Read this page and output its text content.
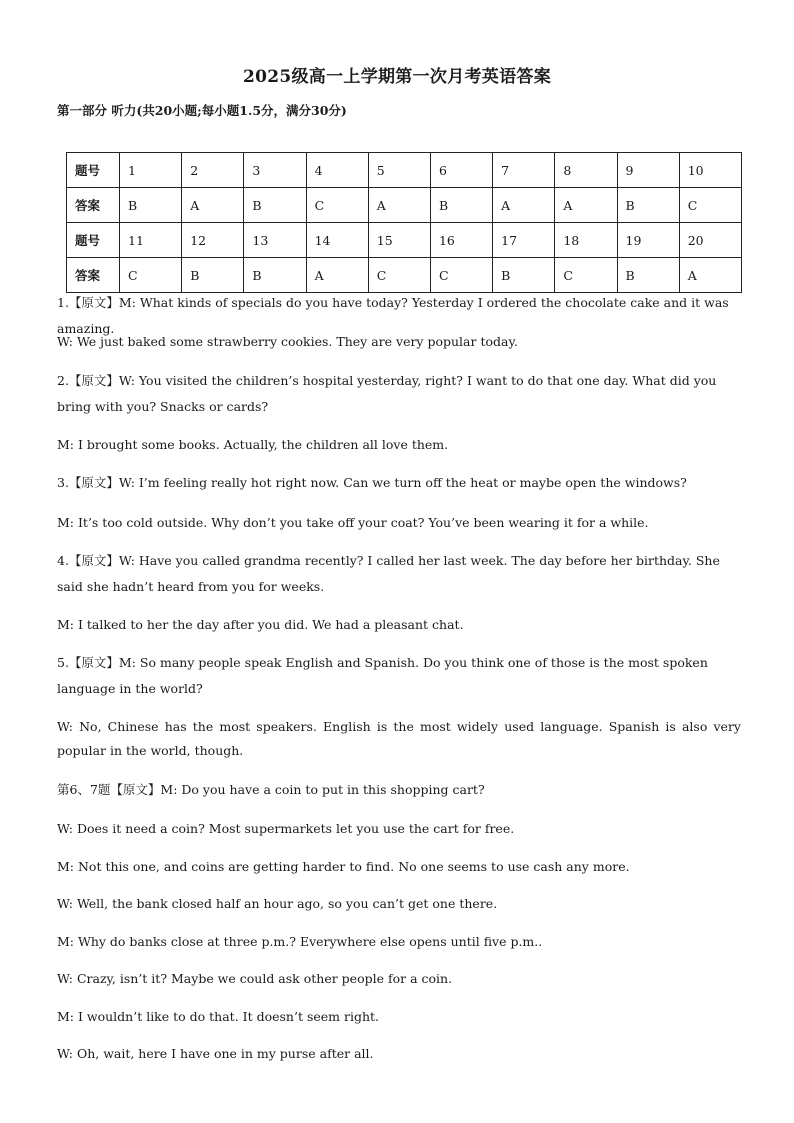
2025级高一上学期第一次月考英语答案
第一部分 听力(共20小题;每小题1.5分，满分30分)
题号	1	2	3	4	5	6	7	8	9	10
答案	B	A	B	C	A	B	A	A	B	C
题号	11	12	13	14	15	16	17	18	19	20
答案	C	B	B	A	C	C	B	C	B	A
1.【原文】M: What kinds of specials do you have today? Yesterday I ordered the chocolate cake and it was amazing.
W: We just baked some strawberry cookies. They are very popular today.
2.【原文】W: You visited the children’s hospital yesterday, right? I want to do that one day. What did you bring with you? Snacks or cards?
M: I brought some books. Actually, the children all love them.
3.【原文】W: I’m feeling really hot right now. Can we turn off the heat or maybe open the windows?
M: It’s too cold outside. Why don’t you take off your coat? You’ve been wearing it for a while.
4.【原文】W: Have you called grandma recently? I called her last week. The day before her birthday. She said she hadn’t heard from you for weeks.
M: I talked to her the day after you did. We had a pleasant chat.
5.【原文】M: So many people speak English and Spanish. Do you think one of those is the most spoken language in the world?
W: No, Chinese has the most speakers. English is the most widely used language. Spanish is also very popular in the world, though.
第6、7题【原文】M: Do you have a coin to put in this shopping cart?
W: Does it need a coin? Most supermarkets let you use the cart for free.
M: Not this one, and coins are getting harder to find. No one seems to use cash any more.
W: Well, the bank closed half an hour ago, so you can’t get one there.
M: Why do banks close at three p.m.? Everywhere else opens until five p.m..
W: Crazy, isn’t it? Maybe we could ask other people for a coin.
M: I wouldn’t like to do that. It doesn’t seem right.
W: Oh, wait, here I have one in my purse after all.
